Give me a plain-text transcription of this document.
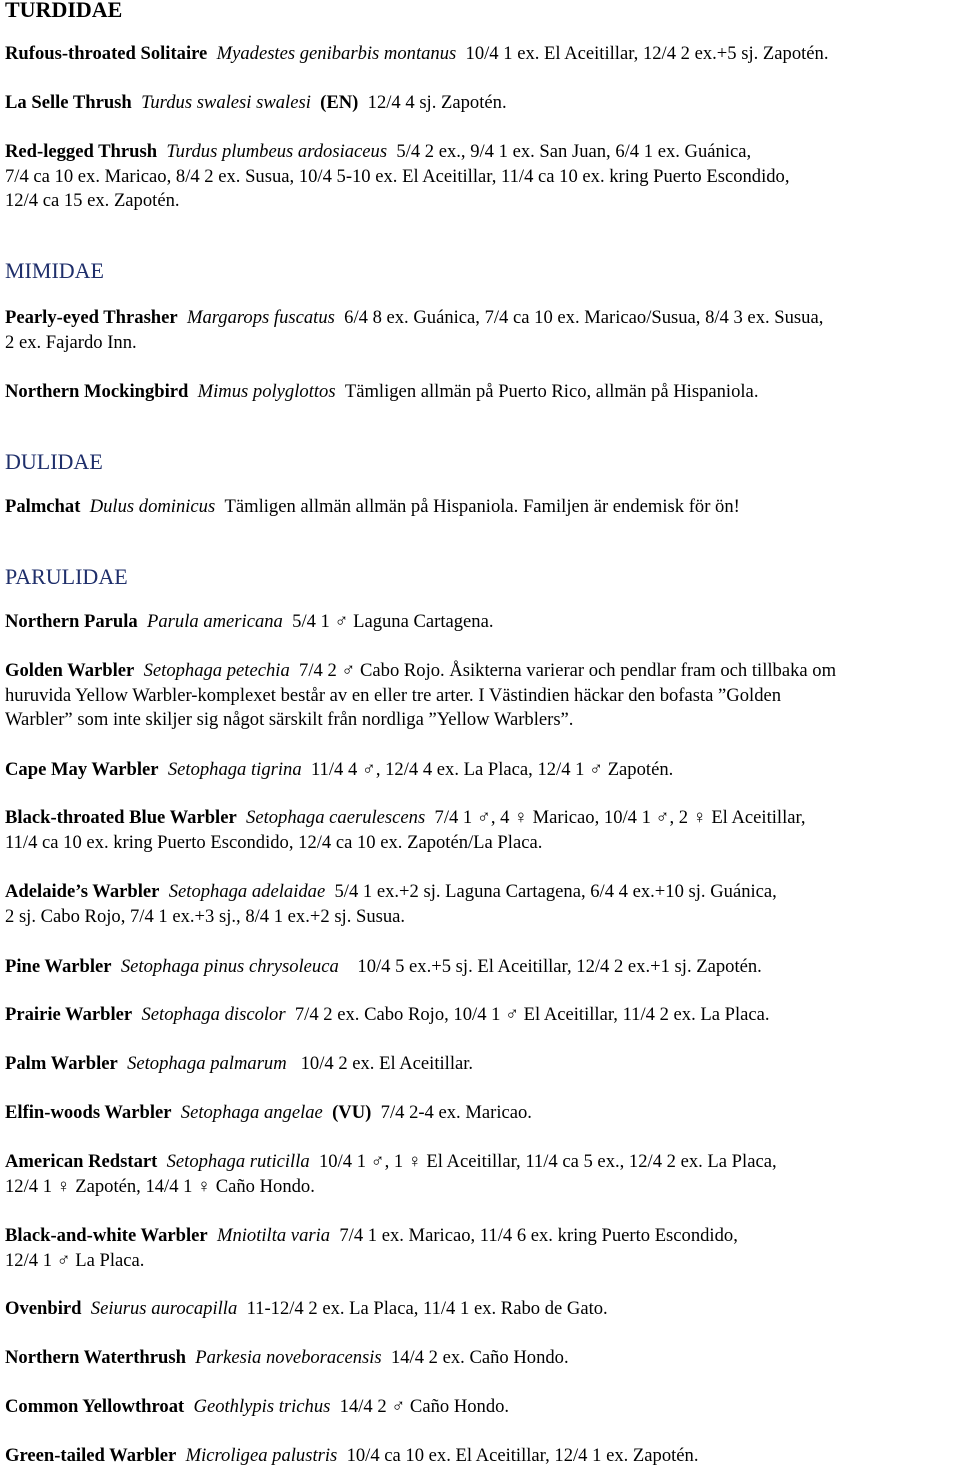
TURDIDAE
Rufous-throated Solitaire Myadestes genibarbis montanus 10/4 1 ex. El Aceitillar, 12/4 2 ex.+5 sj. Zapotén.
La Selle Thrush Turdus swalesi swalesi (EN) 12/4 4 sj. Zapotén.
Red-legged Thrush Turdus plumbeus ardosiaceus 5/4 2 ex., 9/4 1 ex. San Juan, 6/4 1 ex. Guánica,
7/4 ca 10 ex. Maricao, 8/4 2 ex. Susua, 10/4 5-10 ex. El Aceitillar, 11/4 ca 10 ex. kring Puerto Escondido,
12/4 ca 15 ex. Zapotén.
MIMIDAE
Pearly-eyed Thrasher Margarops fuscatus 6/4 8 ex. Guánica, 7/4 ca 10 ex. Maricao/Susua, 8/4 3 ex. Susua,
2 ex. Fajardo Inn.
Northern Mockingbird Mimus polyglottos Tämligen allmän på Puerto Rico, allmän på Hispaniola.
DULIDAE
Palmchat Dulus dominicus Tämligen allmän allmän på Hispaniola. Familjen är endemisk för ön!
PARULIDAE
Northern Parula Parula americana 5/4 1 ♂ Laguna Cartagena.
Golden Warbler Setophaga petechia 7/4 2 ♂ Cabo Rojo. Åsikterna varierar och pendlar fram och tillbaka om
huruvida Yellow Warbler-komplexet består av en eller tre arter. I Västindien häckar den bofasta ”Golden
Warbler” som inte skiljer sig något särskilt från nordliga ”Yellow Warblers”.
Cape May Warbler Setophaga tigrina 11/4 4 ♂, 12/4 4 ex. La Placa, 12/4 1 ♂ Zapotén.
Black-throated Blue Warbler Setophaga caerulescens 7/4 1 ♂, 4 ♀ Maricao, 10/4 1 ♂, 2 ♀ El Aceitillar,
11/4 ca 10 ex. kring Puerto Escondido, 12/4 ca 10 ex. Zapotén/La Placa.
Adelaide’s Warbler Setophaga adelaidae 5/4 1 ex.+2 sj. Laguna Cartagena, 6/4 4 ex.+10 sj. Guánica,
2 sj. Cabo Rojo, 7/4 1 ex.+3 sj., 8/4 1 ex.+2 sj. Susua.
Pine Warbler Setophaga pinus chrysoleuca 10/4 5 ex.+5 sj. El Aceitillar, 12/4 2 ex.+1 sj. Zapotén.
Prairie Warbler Setophaga discolor 7/4 2 ex. Cabo Rojo, 10/4 1 ♂ El Aceitillar, 11/4 2 ex. La Placa.
Palm Warbler Setophaga palmarum 10/4 2 ex. El Aceitillar.
Elfin-woods Warbler Setophaga angelae (VU) 7/4 2-4 ex. Maricao.
American Redstart Setophaga ruticilla 10/4 1 ♂, 1 ♀ El Aceitillar, 11/4 ca 5 ex., 12/4 2 ex. La Placa,
12/4 1 ♀ Zapotén, 14/4 1 ♀ Caño Hondo.
Black-and-white Warbler Mniotilta varia 7/4 1 ex. Maricao, 11/4 6 ex. kring Puerto Escondido,
12/4 1 ♂ La Placa.
Ovenbird Seiurus aurocapilla 11-12/4 2 ex. La Placa, 11/4 1 ex. Rabo de Gato.
Northern Waterthrush Parkesia noveboracensis 14/4 2 ex. Caño Hondo.
Common Yellowthroat Geothlypis trichus 14/4 2 ♂ Caño Hondo.
Green-tailed Warbler Microligea palustris 10/4 ca 10 ex. El Aceitillar, 12/4 1 ex. Zapotén.
